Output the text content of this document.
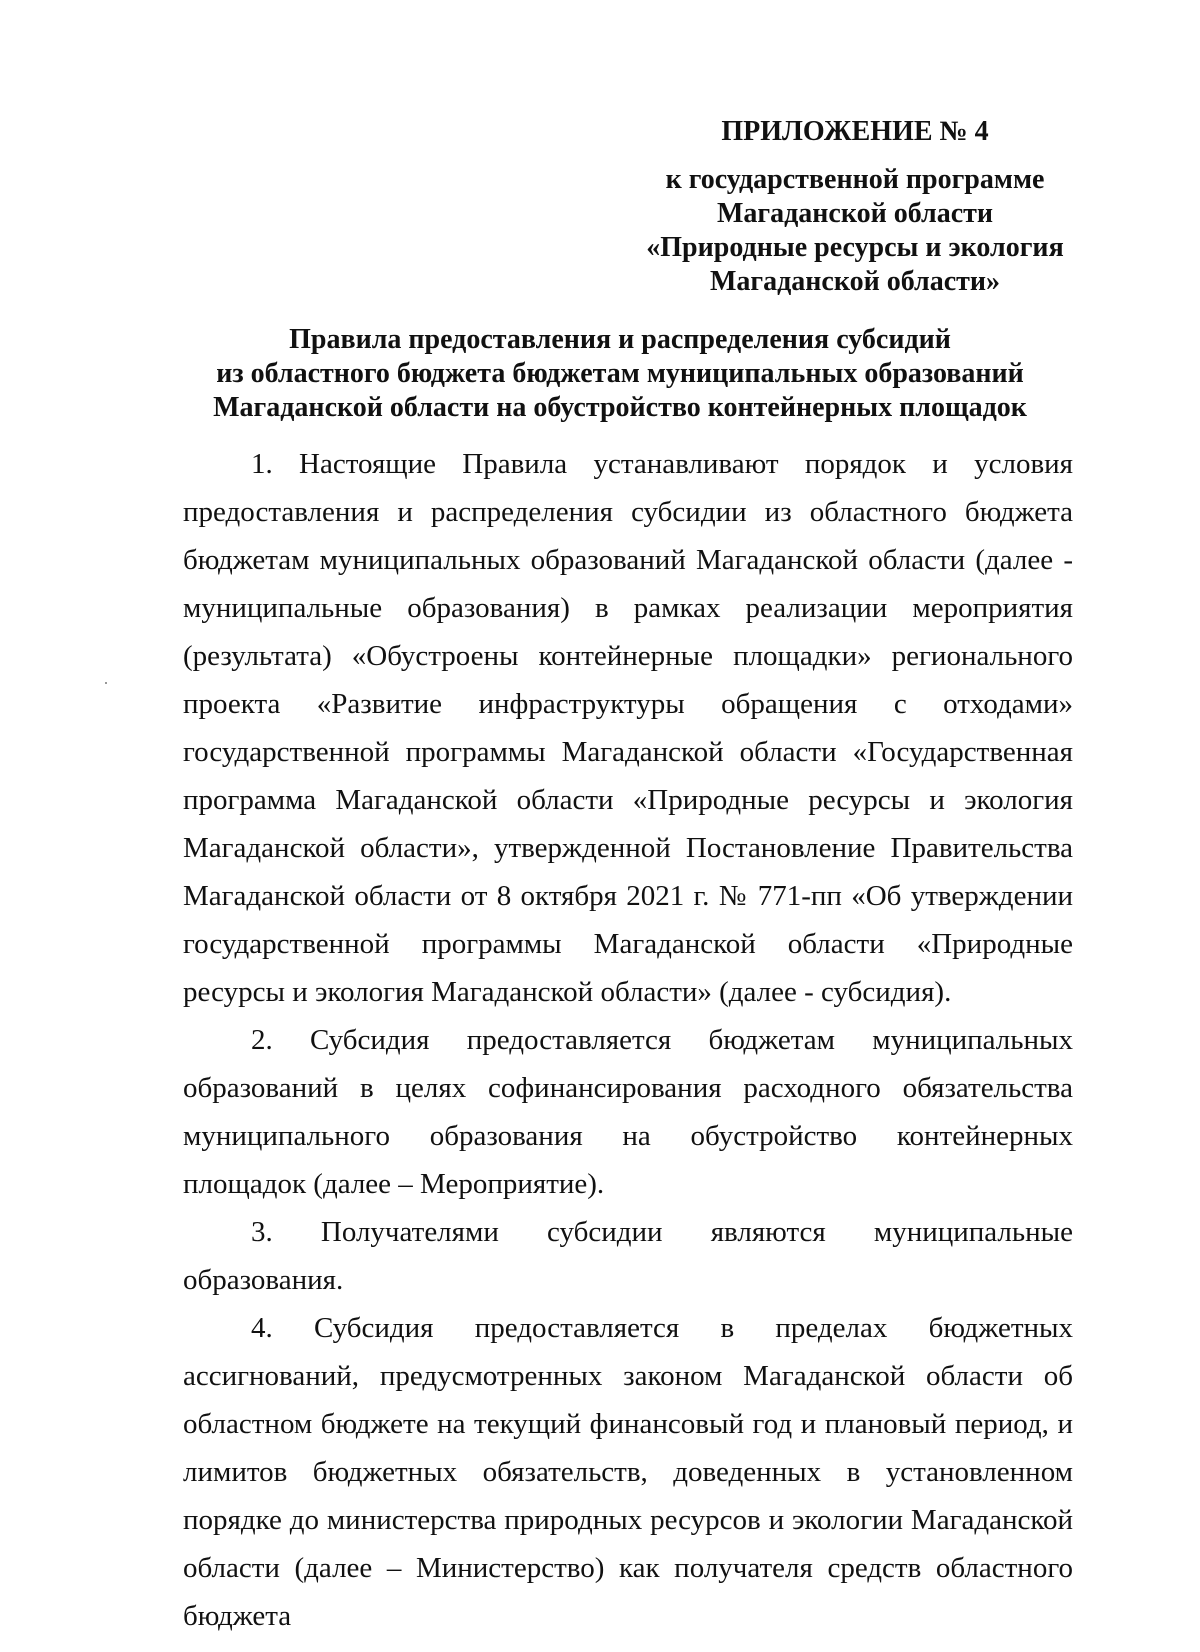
ПРИЛОЖЕНИЕ № 4
к государственной программе
Магаданской области
«Природные ресурсы и экология
Магаданской области»
Правила предоставления и распределения субсидий
из областного бюджета бюджетам муниципальных образований
Магаданской области на обустройство контейнерных площадок

1. Настоящие Правила устанавливают порядок и условия предоставления и распределения субсидии из областного бюджета бюджетам муниципальных образований Магаданской области (далее - муниципальные образования) в рамках реализации мероприятия (результата) «Обустроены контейнерные площадки» регионального проекта «Развитие инфраструктуры обращения с отходами» государственной программы Магаданской области «Государственная программа Магаданской области «Природные ресурсы и экология Магаданской области», утвержденной Постановление Правительства Магаданской области от 8 октября 2021 г. № 771-пп «Об утверждении государственной программы Магаданской области «Природные ресурсы и экология Магаданской области» (далее - субсидия).

2. Субсидия предоставляется бюджетам муниципальных образований в целях софинансирования расходного обязательства муниципального образования на обустройство контейнерных площадок (далее – Мероприятие).

3. Получателями субсидии являются муниципальные образования.

4. Субсидия предоставляется в пределах бюджетных ассигнований, предусмотренных законом Магаданской области об областном бюджете на текущий финансовый год и плановый период, и лимитов бюджетных обязательств, доведенных в установленном порядке до министерства природных ресурсов и экологии Магаданской области (далее – Министерство) как получателя средств областного бюджета
